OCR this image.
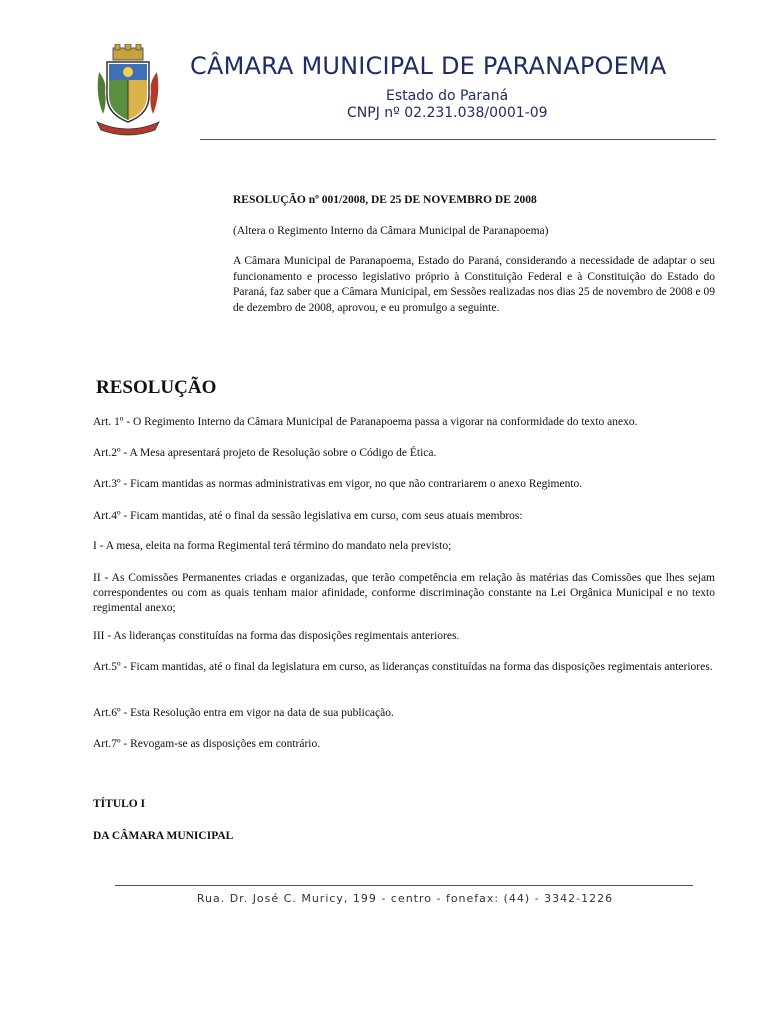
CÂMARA MUNICIPAL DE PARANAPOEMA
Estado do Paraná
CNPJ nº 02.231.038/0001-09
RESOLUÇÃO nº 001/2008, DE 25 DE NOVEMBRO DE 2008
(Altera o Regimento Interno da Câmara Municipal de Paranapoema)

A Câmara Municipal de Paranapoema, Estado do Paraná, considerando a necessidade de adaptar o seu funcionamento e processo legislativo próprio à Constituição Federal e à Constituição do Estado do Paraná, faz saber que a Câmara Municipal, em Sessões realizadas nos dias 25 de novembro de 2008 e 09 de dezembro de 2008, aprovou, e eu promulgo a seguinte.

RESOLUÇÃO

Art. 1º - O Regimento Interno da Câmara Municipal de Paranapoema passa a vigorar na conformidade do texto anexo.

Art.2º - A Mesa apresentará projeto de Resolução sobre o Código de Ética.

Art.3º - Ficam mantidas as normas administrativas em vigor, no que não contrariarem o anexo Regimento.

Art.4º - Ficam mantidas, até o final da sessão legislativa em curso, com seus atuais membros:

I - A mesa, eleita na forma Regimental terá término do mandato nela previsto;

II - As Comissões Permanentes criadas e organizadas, que terão competência em relação às matérias das Comissões que lhes sejam correspondentes ou com as quais tenham maior afinidade, conforme discriminação constante na Lei Orgânica Municipal e no texto regimental anexo;

III - As lideranças constituídas na forma das disposições regimentais anteriores.

Art.5º - Ficam mantidas, até o final da legislatura em curso, as lideranças constituídas na forma das disposições regimentais anteriores.

Art.6º - Esta Resolução entra em vigor na data de sua publicação.

Art.7º - Revogam-se as disposições em contrário.

TÍTULO I
DA CÂMARA MUNICIPAL
Rua. Dr. José C. Muricy, 199 - centro - fonefax: (44) - 3342-1226
